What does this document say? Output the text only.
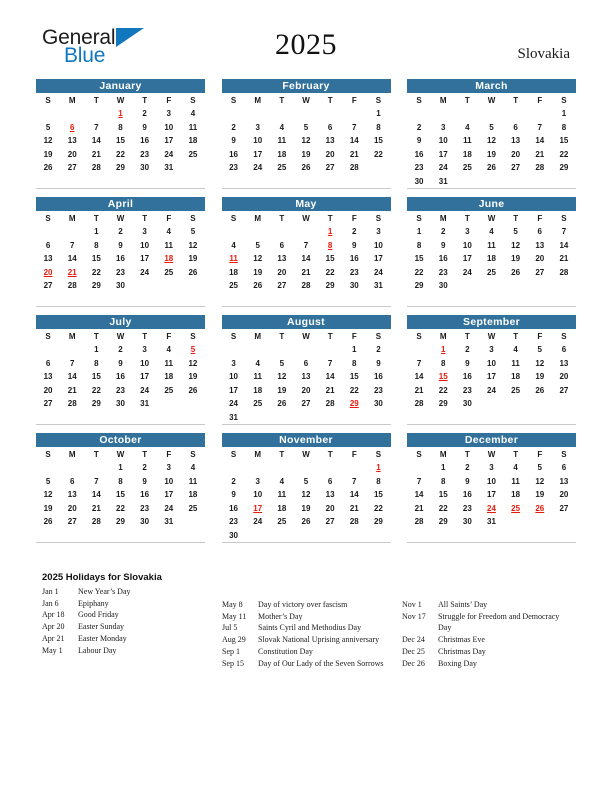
General
Blue	2025	Slovakia
January
S	M	T	W	T	F	S
			1	2	3	4
5	6	7	8	9	10	11
12	13	14	15	16	17	18
19	20	21	22	23	24	25
26	27	28	29	30	31	

February
S	M	T	W	T	F	S
						1
2	3	4	5	6	7	8
9	10	11	12	13	14	15
16	17	18	19	20	21	22
23	24	25	26	27	28	

March
S	M	T	W	T	F	S
						1
2	3	4	5	6	7	8
9	10	11	12	13	14	15
16	17	18	19	20	21	22
23	24	25	26	27	28	29
30	31					
April
S	M	T	W	T	F	S
		1	2	3	4	5
6	7	8	9	10	11	12
13	14	15	16	17	18	19
20	21	22	23	24	25	26
27	28	29	30			

May
S	M	T	W	T	F	S
				1	2	3
4	5	6	7	8	9	10
11	12	13	14	15	16	17
18	19	20	21	22	23	24
25	26	27	28	29	30	31

June
S	M	T	W	T	F	S
1	2	3	4	5	6	7
8	9	10	11	12	13	14
15	16	17	18	19	20	21
22	23	24	25	26	27	28
29	30					

July
S	M	T	W	T	F	S
		1	2	3	4	5
6	7	8	9	10	11	12
13	14	15	16	17	18	19
20	21	22	23	24	25	26
27	28	29	30	31		

August
S	M	T	W	T	F	S
					1	2
3	4	5	6	7	8	9
10	11	12	13	14	15	16
17	18	19	20	21	22	23
24	25	26	27	28	29	30
31						
September
S	M	T	W	T	F	S
	1	2	3	4	5	6
7	8	9	10	11	12	13
14	15	16	17	18	19	20
21	22	23	24	25	26	27
28	29	30				

October
S	M	T	W	T	F	S
			1	2	3	4
5	6	7	8	9	10	11
12	13	14	15	16	17	18
19	20	21	22	23	24	25
26	27	28	29	30	31	

November
S	M	T	W	T	F	S
						1
2	3	4	5	6	7	8
9	10	11	12	13	14	15
16	17	18	19	20	21	22
23	24	25	26	27	28	29
30						
December
S	M	T	W	T	F	S
	1	2	3	4	5	6
7	8	9	10	11	12	13
14	15	16	17	18	19	20
21	22	23	24	25	26	27
28	29	30	31			

2025 Holidays for Slovakia
Jan 1	New Year’s Day
Jan 6	Epiphany
Apr 18	Good Friday
Apr 20	Easter Sunday
Apr 21	Easter Monday
May 1	Labour Day
May 8	Day of victory over fascism
May 11	Mother’s Day
Jul 5	Saints Cyril and Methodius Day
Aug 29	Slovak National Uprising anniversary
Sep 1	Constitution Day
Sep 15	Day of Our Lady of the Seven Sorrows
Nov 1	All Saints’ Day
Nov 17	Struggle for Freedom and Democracy Day
Dec 24	Christmas Eve
Dec 25	Christmas Day
Dec 26	Boxing Day
